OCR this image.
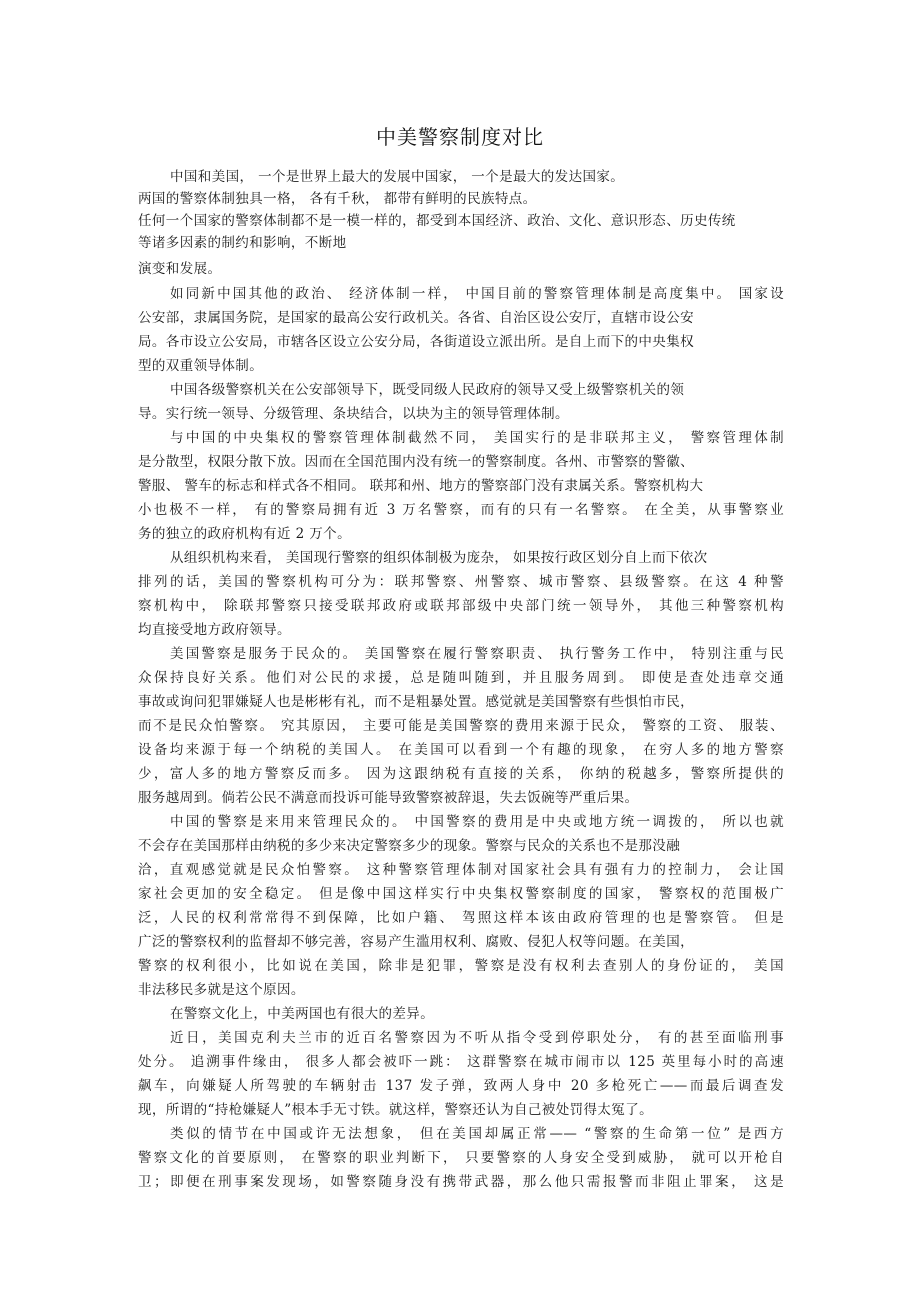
中美警察制度对比
中国和美国， 一个是世界上最大的发展中国家， 一个是最大的发达国家。
两国的警察体制独具一格， 各有千秋， 都带有鲜明的民族特点。
任何一个国家的警察体制都不是一模一样的，都受到本国经济、政治、文化、意识形态、历史传统
等诸多因素的制约和影响，不断地
演变和发展。
如同新中国其他的政治、 经济体制一样， 中国目前的警察管理体制是高度集中。 国家设
公安部，隶属国务院，是国家的最高公安行政机关。各省、自治区设公安厅，直辖市设公安
局。各市设立公安局，市辖各区设立公安分局，各街道设立派出所。是自上而下的中央集权
型的双重领导体制。
中国各级警察机关在公安部领导下，既受同级人民政府的领导又受上级警察机关的领
导。实行统一领导、分级管理、条块结合，以块为主的领导管理体制。
与中国的中央集权的警察管理体制截然不同， 美国实行的是非联邦主义， 警察管理体制
是分散型，权限分散下放。因而在全国范围内没有统一的警察制度。各州、市警察的警徽、
警服、 警车的标志和样式各不相同。 联邦和州、地方的警察部门没有隶属关系。警察机构大
小也极不一样， 有的警察局拥有近 3 万名警察，而有的只有一名警察。 在全美，从事警察业
务的独立的政府机构有近 2 万个。
从组织机构来看， 美国现行警察的组织体制极为庞杂， 如果按行政区划分自上而下依次
排列的话，美国的警察机构可分为：联邦警察、州警察、城市警察、县级警察。在这 4 种警
察机构中， 除联邦警察只接受联邦政府或联邦部级中央部门统一领导外， 其他三种警察机构
均直接受地方政府领导。
美国警察是服务于民众的。 美国警察在履行警察职责、 执行警务工作中， 特别注重与民
众保持良好关系。他们对公民的求援，总是随叫随到，并且服务周到。 即使是查处违章交通
事故或询问犯罪嫌疑人也是彬彬有礼，而不是粗暴处置。感觉就是美国警察有些惧怕市民，
而不是民众怕警察。 究其原因， 主要可能是美国警察的费用来源于民众， 警察的工资、 服装、
设备均来源于每一个纳税的美国人。 在美国可以看到一个有趣的现象， 在穷人多的地方警察
少，富人多的地方警察反而多。 因为这跟纳税有直接的关系， 你纳的税越多，警察所提供的
服务越周到。倘若公民不满意而投诉可能导致警察被辞退，失去饭碗等严重后果。
中国的警察是来用来管理民众的。 中国警察的费用是中央或地方统一调拨的， 所以也就
不会存在美国那样由纳税的多少来决定警察多少的现象。警察与民众的关系也不是那没融
洽，直观感觉就是民众怕警察。 这种警察管理体制对国家社会具有强有力的控制力， 会让国
家社会更加的安全稳定。 但是像中国这样实行中央集权警察制度的国家， 警察权的范围极广
泛，人民的权利常常得不到保障，比如户籍、 驾照这样本该由政府管理的也是警察管。 但是
广泛的警察权利的监督却不够完善，容易产生滥用权利、腐败、侵犯人权等问题。在美国，
警察的权利很小，比如说在美国，除非是犯罪，警察是没有权利去查别人的身份证的， 美国
非法移民多就是这个原因。
在警察文化上，中美两国也有很大的差异。
近日，美国克利夫兰市的近百名警察因为不听从指令受到停职处分， 有的甚至面临刑事
处分。 追溯事件缘由， 很多人都会被吓一跳： 这群警察在城市闹市以 125 英里每小时的高速
飙车，向嫌疑人所驾驶的车辆射击 137 发子弹，致两人身中 20 多枪死亡——而最后调查发
现，所谓的“持枪嫌疑人”根本手无寸铁。就这样，警察还认为自己被处罚得太冤了。
类似的情节在中国或许无法想象， 但在美国却属正常—— “警察的生命第一位” 是西方
警察文化的首要原则， 在警察的职业判断下， 只要警察的人身安全受到威胁， 就可以开枪自
卫；即便在刑事案发现场，如警察随身没有携带武器，那么他只需报警而非阻止罪案， 这是
